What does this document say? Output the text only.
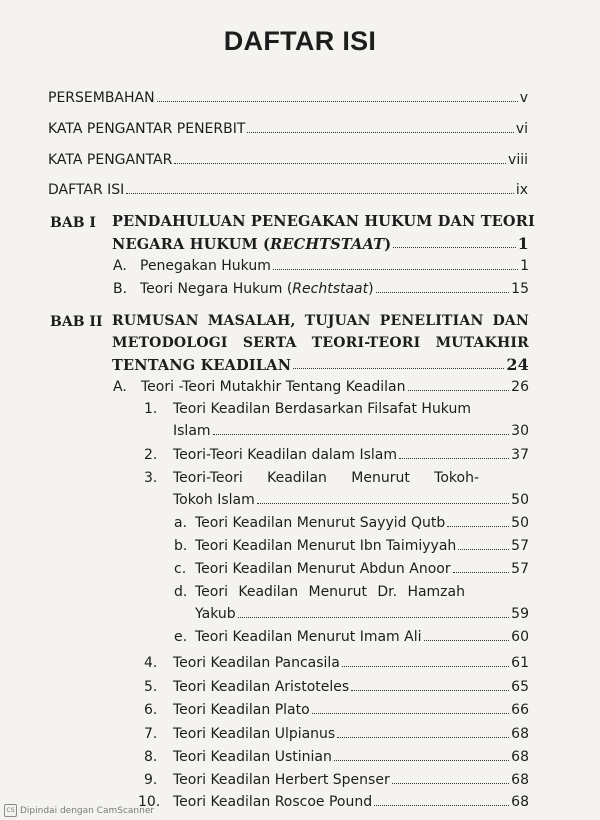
DAFTAR ISI
PERSEMBAHAN	v
KATA PENGANTAR PENERBIT	vi
KATA PENGANTAR	viii
DAFTAR ISI	ix
BAB I PENDAHULUAN PENEGAKAN HUKUM DAN TEORI
NEGARA HUKUM (RECHTSTAAT)	1
A. Penegakan Hukum	1
B. Teori Negara Hukum (Rechtstaat)	15
BAB II RUMUSAN MASALAH, TUJUAN PENELITIAN DAN
METODOLOGI SERTA TEORI-TEORI MUTAKHIR
TENTANG KEADILAN	24
A. Teori -Teori Mutakhir Tentang Keadilan	26
1. Teori Keadilan Berdasarkan Filsafat Hukum
Islam	30
2. Teori-Teori Keadilan dalam Islam	37
3. Teori-Teori Keadilan Menurut Tokoh-
Tokoh Islam	50
a. Teori Keadilan Menurut Sayyid Qutb	50
b. Teori Keadilan Menurut Ibn Taimiyyah	57
c. Teori Keadilan Menurut Abdun Anoor	57
d. Teori Keadilan Menurut Dr. Hamzah
Yakub	59
e. Teori Keadilan Menurut Imam Ali	60
4. Teori Keadilan Pancasila	61
5. Teori Keadilan Aristoteles	65
6. Teori Keadilan Plato	66
7. Teori Keadilan Ulpianus	68
8. Teori Keadilan Ustinian	68
9. Teori Keadilan Herbert Spenser	68
10. Teori Keadilan Roscoe Pound	68
CS Dipindai dengan CamScanner
